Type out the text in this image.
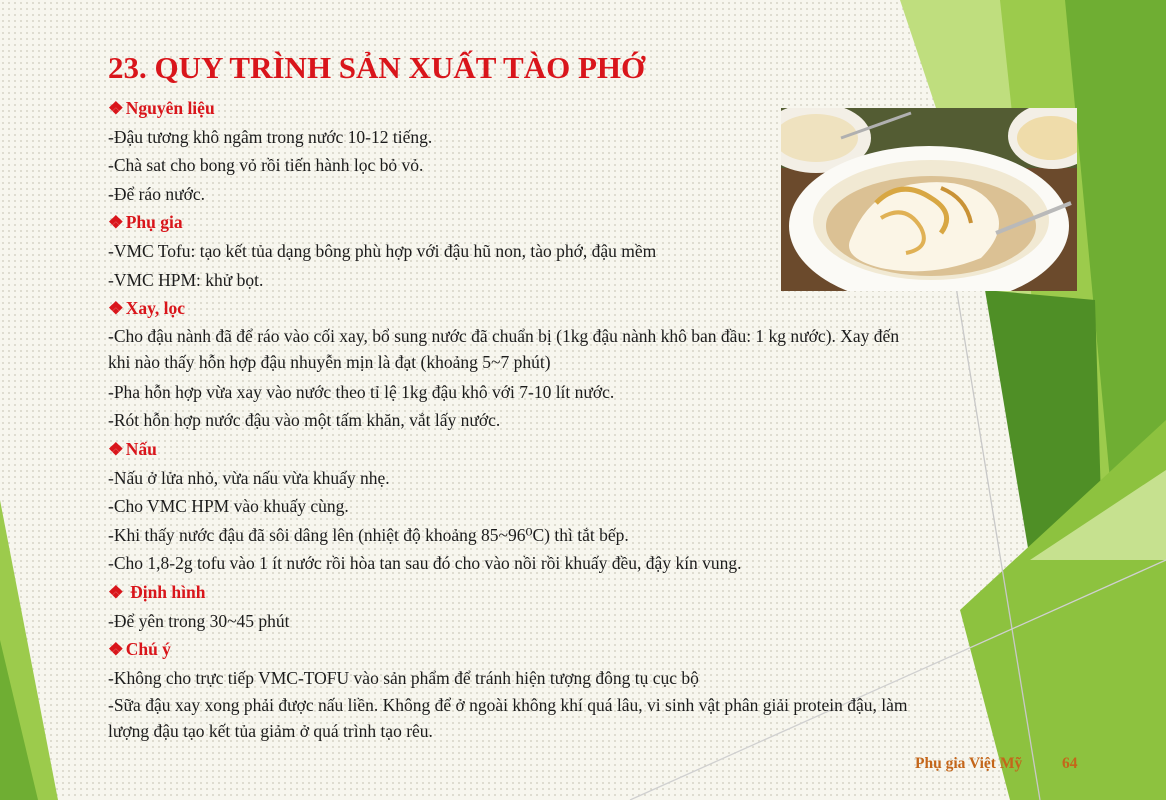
23. QUY TRÌNH SẢN XUẤT TÀO PHỚ
❖ Nguyên liệu
-Đậu tương khô ngâm trong nước 10-12 tiếng.
-Chà sat cho bong vỏ rồi tiến hành lọc bỏ vỏ.
-Để ráo nước.
❖ Phụ gia
-VMC Tofu: tạo kết tủa dạng bông phù hợp với đậu hũ non, tào phớ, đậu mềm
-VMC HPM: khử bọt.
❖ Xay, lọc
-Cho đậu nành đã để ráo vào cối xay, bổ sung nước đã chuẩn bị (1kg đậu nành khô ban đầu: 1 kg nước). Xay đến khi nào thấy hỗn hợp đậu nhuyễn mịn là đạt (khoảng 5~7 phút)
-Pha hỗn hợp vừa xay vào nước theo tỉ lệ 1kg đậu khô với 7-10 lít nước.
-Rót hỗn hợp nước đậu vào một tấm khăn, vắt lấy nước.
❖ Nấu
-Nấu ở lửa nhỏ, vừa nấu vừa khuấy nhẹ.
-Cho VMC HPM vào khuấy cùng.
-Khi thấy nước đậu đã sôi dâng lên (nhiệt độ khoảng 85~96⁰C) thì tắt bếp.
-Cho 1,8-2g tofu vào 1 ít nước rồi hòa tan sau đó cho vào nồi rồi khuấy đều, đậy kín vung.
❖ Định hình
-Để yên trong 30~45 phút
❖ Chú ý
-Không cho trực tiếp VMC-TOFU vào sản phẩm để tránh hiện tượng đông tụ cục bộ
-Sữa đậu xay xong phải được nấu liền. Không để ở ngoài không khí quá lâu, vi sinh vật phân giải protein đậu, làm lượng đậu tạo kết tủa giảm ở quá trình tạo rêu.
Phụ gia Việt Mỹ	64
